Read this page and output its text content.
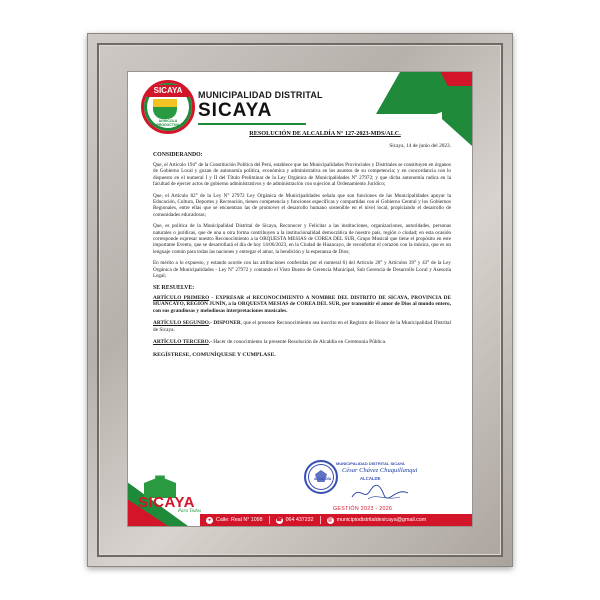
SICAYA
AGRICOLA PRODUCTIVA
MUNICIPALIDAD DISTRITAL
SICAYA
RESOLUCIÓN DE ALCALDÍA N° 127-2023-MDS/ALC.
Sicaya, 14 de junio del 2023.
CONSIDERANDO:

Que, el Artículo 194° de la Constitución Política del Perú, establece que las Municipalidades Provinciales y Distritales se constituyen en órganos de Gobierno Local y gozan de autonomía política, económica y administrativa en los asuntos de su competencia; y en concordancia con lo dispuesto en el numeral I y II del Título Preliminar de la Ley Orgánica de Municipalidades N° 27972; y que dicha autonomía radica en la facultad de ejercer actos de gobierno administrativos y de administración con sujeción al Ordenamiento Jurídico;

Que, el Artículo 82° de la Ley N° 27972 Ley Orgánica de Municipalidades señala que son funciones de las Municipalidades apoyar la Educación, Cultura, Deportes y Recreación, tienen competencia y funciones específicas y compartidas con el Gobierno Central y los Gobiernos Regionales, entre ellas que se encuentran las de promover el desarrollo humano sostenible en el nivel local, propiciando el desarrollo de comunidades educadoras;

Que, es política de la Municipalidad Distrital de Sicaya, Reconocer y Felicitar a las instituciones, organizaciones, autoridades, personas naturales o jurídicas, que de una u otra forma contribuyen a la institucionalidad democrática de nuestro país, región o ciudad; en esta ocasión corresponde expresar nuestro Reconocimiento a la ORQUESTA MESIAS de COREA DEL SUR, Grupo Musical que tiene el propósito en este importante Evento, que se desarrollará el día de hoy 14/06/2023, en la Ciudad de Huancayo, de reconfortar el corazón con la música, que es un lenguaje común para todas las naciones y entregar el amor, la bendición y la esperanza de Dios;

En mérito a lo expuesto, y estando acorde con las atribuciones conferidas por el numeral 6) del Artículo 20° y Artículos 39° y 43° de la Ley Orgánica de Municipalidades - Ley N° 27972 y contando el Visto Bueno de Gerencia Municipal, Sub Gerencia de Desarrollo Local y Asesoría Legal;

SE RESUELVE:

ARTÍCULO PRIMERO - EXPRESAR el RECONOCIMIENTO A NOMBRE DEL DISTRITO DE SICAYA, PROVINCIA DE HUANCAYO, REGIÓN JUNÍN, a la ORQUESTA MESIAS de COREA DEL SUR, por transmitir el amor de Dios al mundo entero, con sus grandiosas y melodiosas interpretaciones musicales.

ARTÍCULO SEGUNDO.- DISPONER, que el presente Reconocimiento sea inscrito en el Registro de Honor de la Municipalidad Distrital de Sicaya.

ARTÍCULO TERCERO.- Hacer de conocimiento la presente Resolución de Alcaldía en Ceremonia Pública.

REGÍSTRESE, COMUNÍQUESE Y CUMPLASE.
MUNICIPALIDAD DISTRITAL SICAYA
ALCALDÍA
César Chávez Chuquillanqui
ALCALDE
SICAYA
Para Todos	GESTIÓN 2023 - 2026
● Calle: Real N° 1098	☎ 064 437232	@ municipiodistritaldesicaya@gmail.com
